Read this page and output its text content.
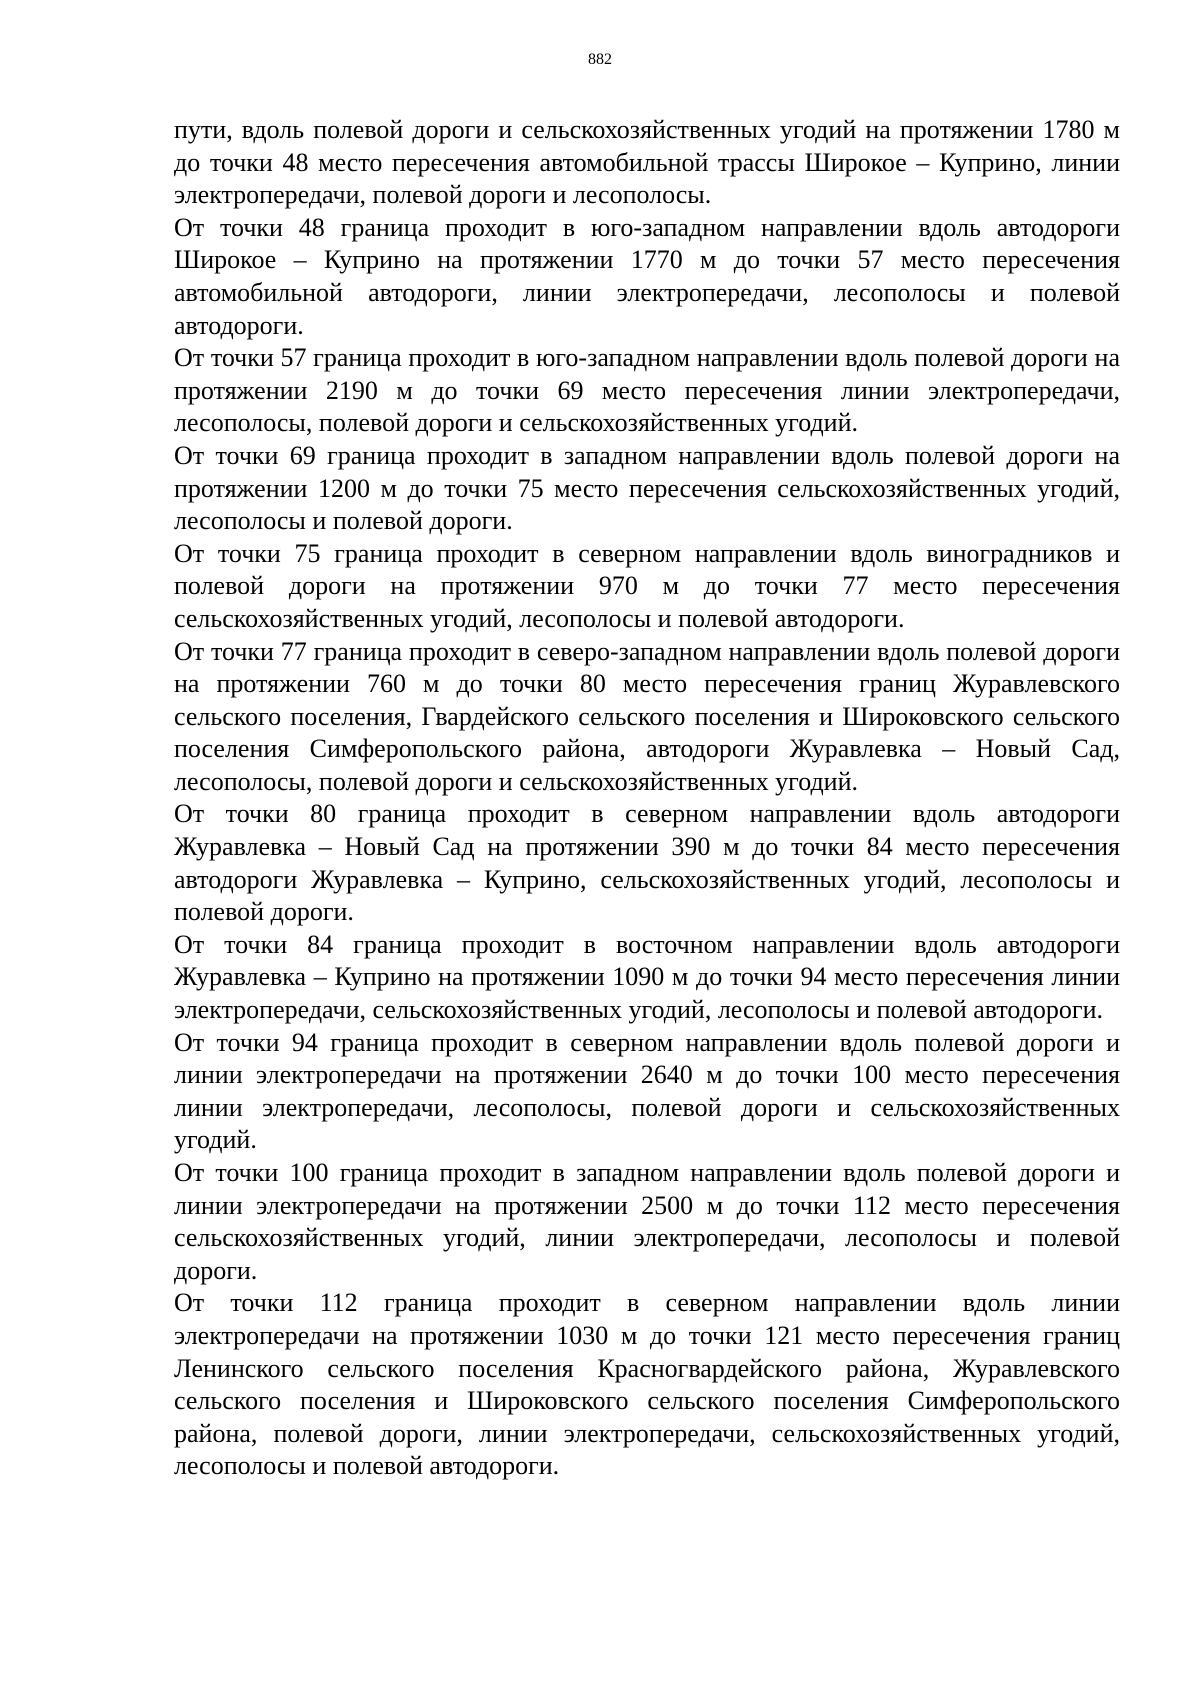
882

пути, вдоль полевой дороги и сельскохозяйственных угодий на протяжении 1780 м до точки 48 место пересечения автомобильной трассы Широкое – Куприно, линии электропередачи, полевой дороги и лесополосы.

От точки 48 граница проходит в юго-западном направлении вдоль автодороги Широкое – Куприно на протяжении 1770 м до точки 57 место пересечения автомобильной автодороги, линии электропередачи, лесополосы и полевой автодороги.

От точки 57 граница проходит в юго-западном направлении вдоль полевой дороги на протяжении 2190 м до точки 69 место пересечения линии электропередачи, лесополосы, полевой дороги и сельскохозяйственных угодий.

От точки 69 граница проходит в западном направлении вдоль полевой дороги на протяжении 1200 м до точки 75 место пересечения сельскохозяйственных угодий, лесополосы и полевой дороги.

От точки 75 граница проходит в северном направлении вдоль виноградников и полевой дороги на протяжении 970 м до точки 77 место пересечения сельскохозяйственных угодий, лесополосы и полевой автодороги.

От точки 77 граница проходит в северо-западном направлении вдоль полевой дороги на протяжении 760 м до точки 80 место пересечения границ Журавлевского сельского поселения, Гвардейского сельского поселения и Широковского сельского поселения Симферопольского района, автодороги Журавлевка – Новый Сад, лесополосы, полевой дороги и сельскохозяйственных угодий.

От точки 80 граница проходит в северном направлении вдоль автодороги Журавлевка – Новый Сад на протяжении 390 м до точки 84 место пересечения автодороги Журавлевка – Куприно, сельскохозяйственных угодий, лесополосы и полевой дороги.

От точки 84 граница проходит в восточном направлении вдоль автодороги Журавлевка – Куприно на протяжении 1090 м до точки 94 место пересечения линии электропередачи, сельскохозяйственных угодий, лесополосы и полевой автодороги.

От точки 94 граница проходит в северном направлении вдоль полевой дороги и линии электропередачи на протяжении 2640 м до точки 100 место пересечения линии электропередачи, лесополосы, полевой дороги и сельскохозяйственных угодий.

От точки 100 граница проходит в западном направлении вдоль полевой дороги и линии электропередачи на протяжении 2500 м до точки 112 место пересечения сельскохозяйственных угодий, линии электропередачи, лесополосы и полевой дороги.

От точки 112 граница проходит в северном направлении вдоль линии электропередачи на протяжении 1030 м до точки 121 место пересечения границ Ленинского сельского поселения Красногвардейского района, Журавлевского сельского поселения и Широковского сельского поселения Симферопольского района, полевой дороги, линии электропередачи, сельскохозяйственных угодий, лесополосы и полевой автодороги.
